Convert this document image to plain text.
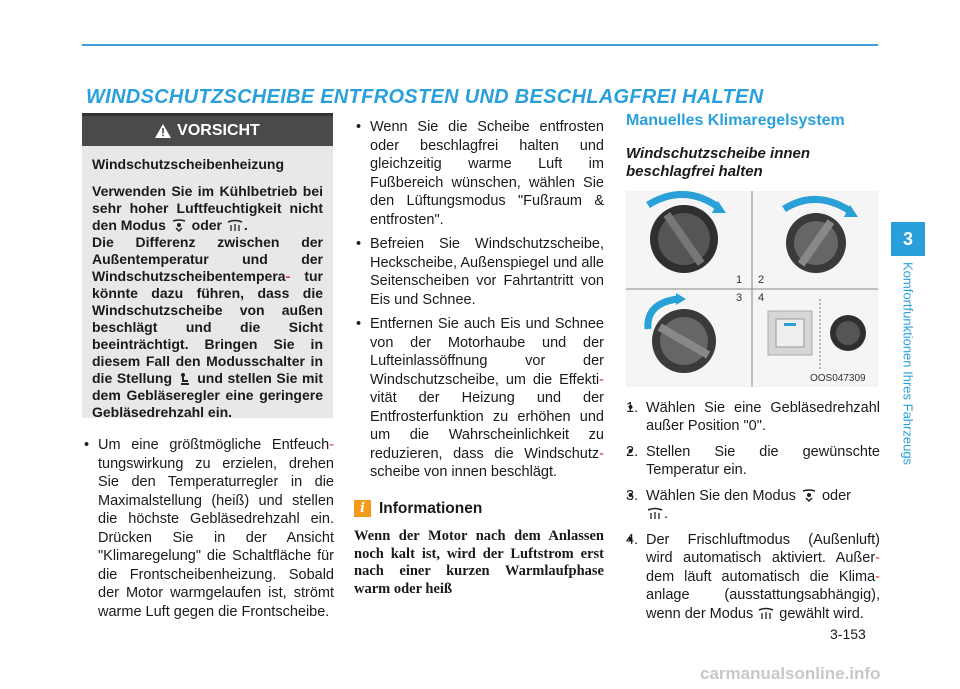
WINDSCHUTZSCHEIBE ENTFROSTEN UND BESCHLAGFREI HALTEN
VORSICHT

Windschutzscheibenheizung

Verwenden Sie im Kühlbetrieb bei sehr hoher Luftfeuchtigkeit nicht den Modus oder .
Die Differenz zwischen der Außentemperatur und der Windschutzscheibentempera- tur könnte dazu führen, dass die Windschutzscheibe von außen beschlägt und die Sicht beeinträchtigt. Bringen Sie in diesem Fall den Modusschalter in die Stellung und stellen Sie mit dem Gebläseregler eine geringere Gebläsedrehzahl ein.

• Um eine größtmögliche Entfeuch- tungswirkung zu erzielen, drehen Sie den Temperaturregler in die Maximalstellung (heiß) und stellen die höchste Gebläsedrehzahl ein. Drücken Sie in der Ansicht "Klimaregelung" die Schaltfläche für die Frontscheibenheizung. Sobald der Motor warmgelaufen ist, strömt warme Luft gegen die Frontscheibe.
• Wenn Sie die Scheibe entfrosten oder beschlagfrei halten und gleichzeitig warme Luft im Fußbereich wünschen, wählen Sie den Lüftungsmodus "Fußraum & entfrosten".
• Befreien Sie Windschutzscheibe, Heckscheibe, Außenspiegel und alle Seitenscheiben vor Fahrtantritt von Eis und Schnee.
• Entfernen Sie auch Eis und Schnee von der Motorhaube und der Lufteinlassöffnung vor der Windschutzscheibe, um die Effekti- vität der Heizung und der Entfrosterfunktion zu erhöhen und um die Wahrscheinlichkeit zu reduzieren, dass die Windschutz- scheibe von innen beschlägt.
i Informationen
Wenn der Motor nach dem Anlassen noch kalt ist, wird der Luftstrom erst nach einer kurzen Warmlaufphase warm oder heiß
Manuelles Klimaregelsystem
Windschutzscheibe innen beschlagfrei halten
1 2
3 4
OOS047309
• 1. Wählen Sie eine Gebläsedrehzahl außer Position "0".
• 2. Stellen Sie die gewünschte Temperatur ein.
• 3. Wählen Sie den Modus oder
.
• 4. Der Frischluftmodus (Außenluft) wird automatisch aktiviert. Außer- dem läuft automatisch die Klima- anlage (ausstattungsabhängig), wenn der Modus gewählt wird.
3
Komfortfunktionen Ihres Fahrzeugs
3-153
carmanualsonline.info
